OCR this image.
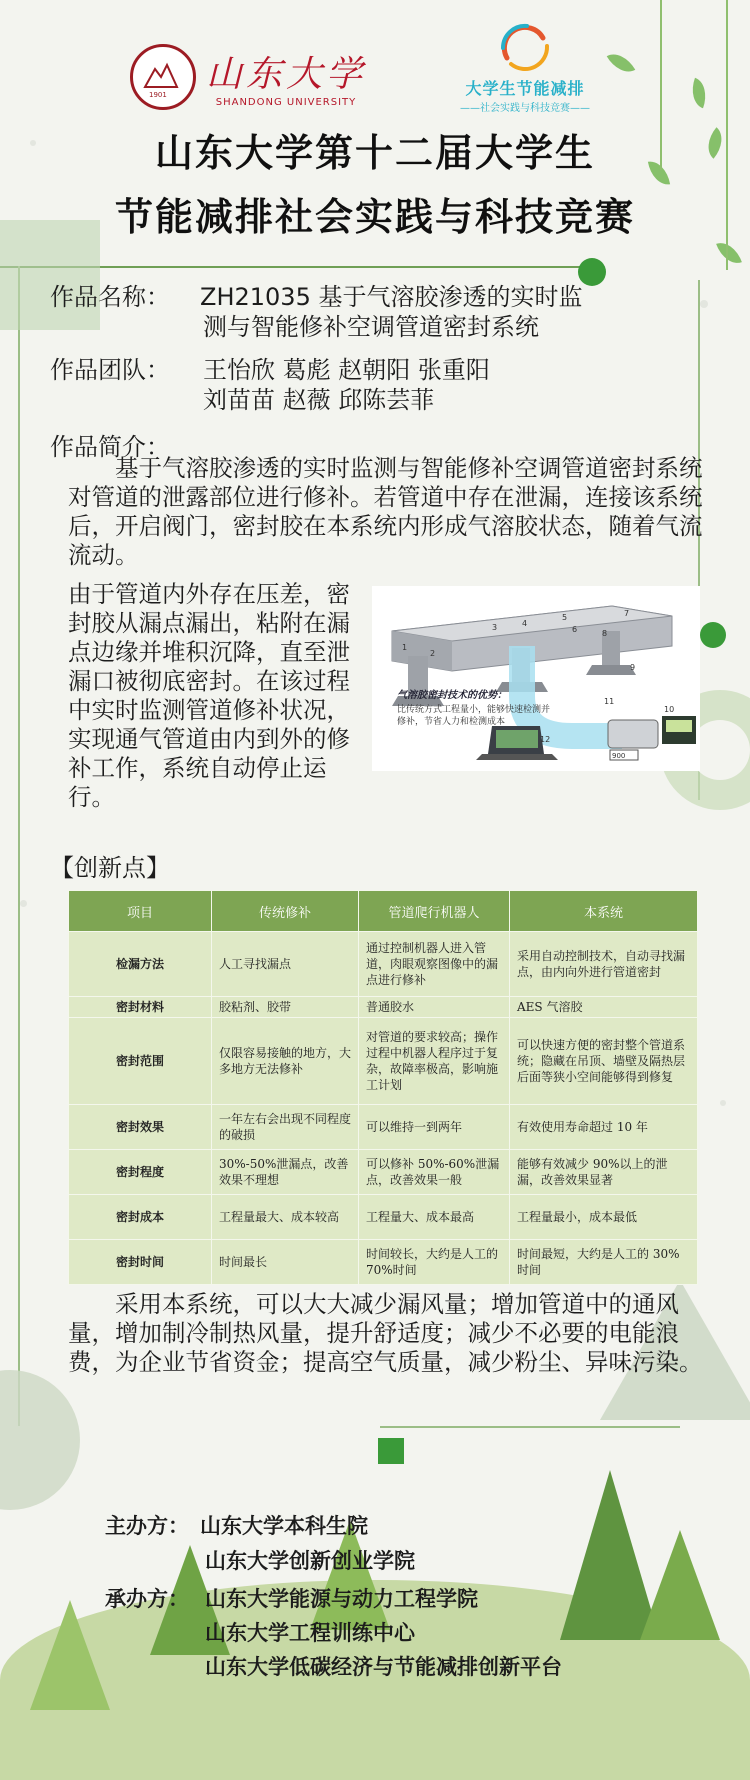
1901 山东大学
SHANDONG UNIVERSITY
大学生节能减排
——社会实践与科技竞赛——
山东大学第十二届大学生
节能减排社会实践与科技竞赛
作品名称： ZH21035 基于气溶胶渗透的实时监
测与智能修补空调管道密封系统
作品团队： 王怡欣 葛彪 赵朝阳 张重阳
刘苗苗 赵薇 邱陈芸菲
作品简介：
基于气溶胶渗透的实时监测与智能修补空调管道密封系统对管道的泄露部位进行修补。若管道中存在泄漏，连接该系统后，开启阀门，密封胶在本系统内形成气溶胶状态，随着气流流动。
由于管道内外存在压差，密封胶从漏点漏出，粘附在漏点边缘并堆积沉降，直至泄漏口被彻底密封。在该过程中实时监测管道修补状况，实现通气管道由内到外的修补工作，系统自动停止运行。
1
2
3	4
5
6
7
8
9
10
11
12
900
气溶胶密封技术的优势：
比传统方式工程量小，能够快速检测并修补，节省人力和检测成本
【创新点】
项目	传统修补	管道爬行机器人	本系统
检漏方法	人工寻找漏点	通过控制机器人进入管道，肉眼观察图像中的漏点进行修补	采用自动控制技术，自动寻找漏点，由内向外进行管道密封
密封材料	胶粘剂、胶带	普通胶水	AES 气溶胶
密封范围	仅限容易接触的地方，大多地方无法修补	对管道的要求较高；操作过程中机器人程序过于复杂，故障率极高，影响施工计划	可以快速方便的密封整个管道系统；隐藏在吊顶、墙壁及隔热层后面等狭小空间能够得到修复
密封效果	一年左右会出现不同程度的破损	可以维持一到两年	有效使用寿命超过 10 年
密封程度	30%-50%泄漏点，改善效果不理想	可以修补 50%-60%泄漏点，改善效果一般	能够有效减少 90%以上的泄漏，改善效果显著
密封成本	工程量最大、成本较高	工程量大、成本最高	工程量最小，成本最低
密封时间	时间最长	时间较长，大约是人工的 70%时间	时间最短，大约是人工的 30%时间
采用本系统，可以大大减少漏风量；增加管道中的通风量，增加制冷制热风量，提升舒适度；减少不必要的电能浪费，为企业节省资金；提高空气质量，减少粉尘、异味污染。
主办方： 山东大学本科生院
山东大学创新创业学院
承办方： 山东大学能源与动力工程学院
山东大学工程训练中心
山东大学低碳经济与节能减排创新平台
